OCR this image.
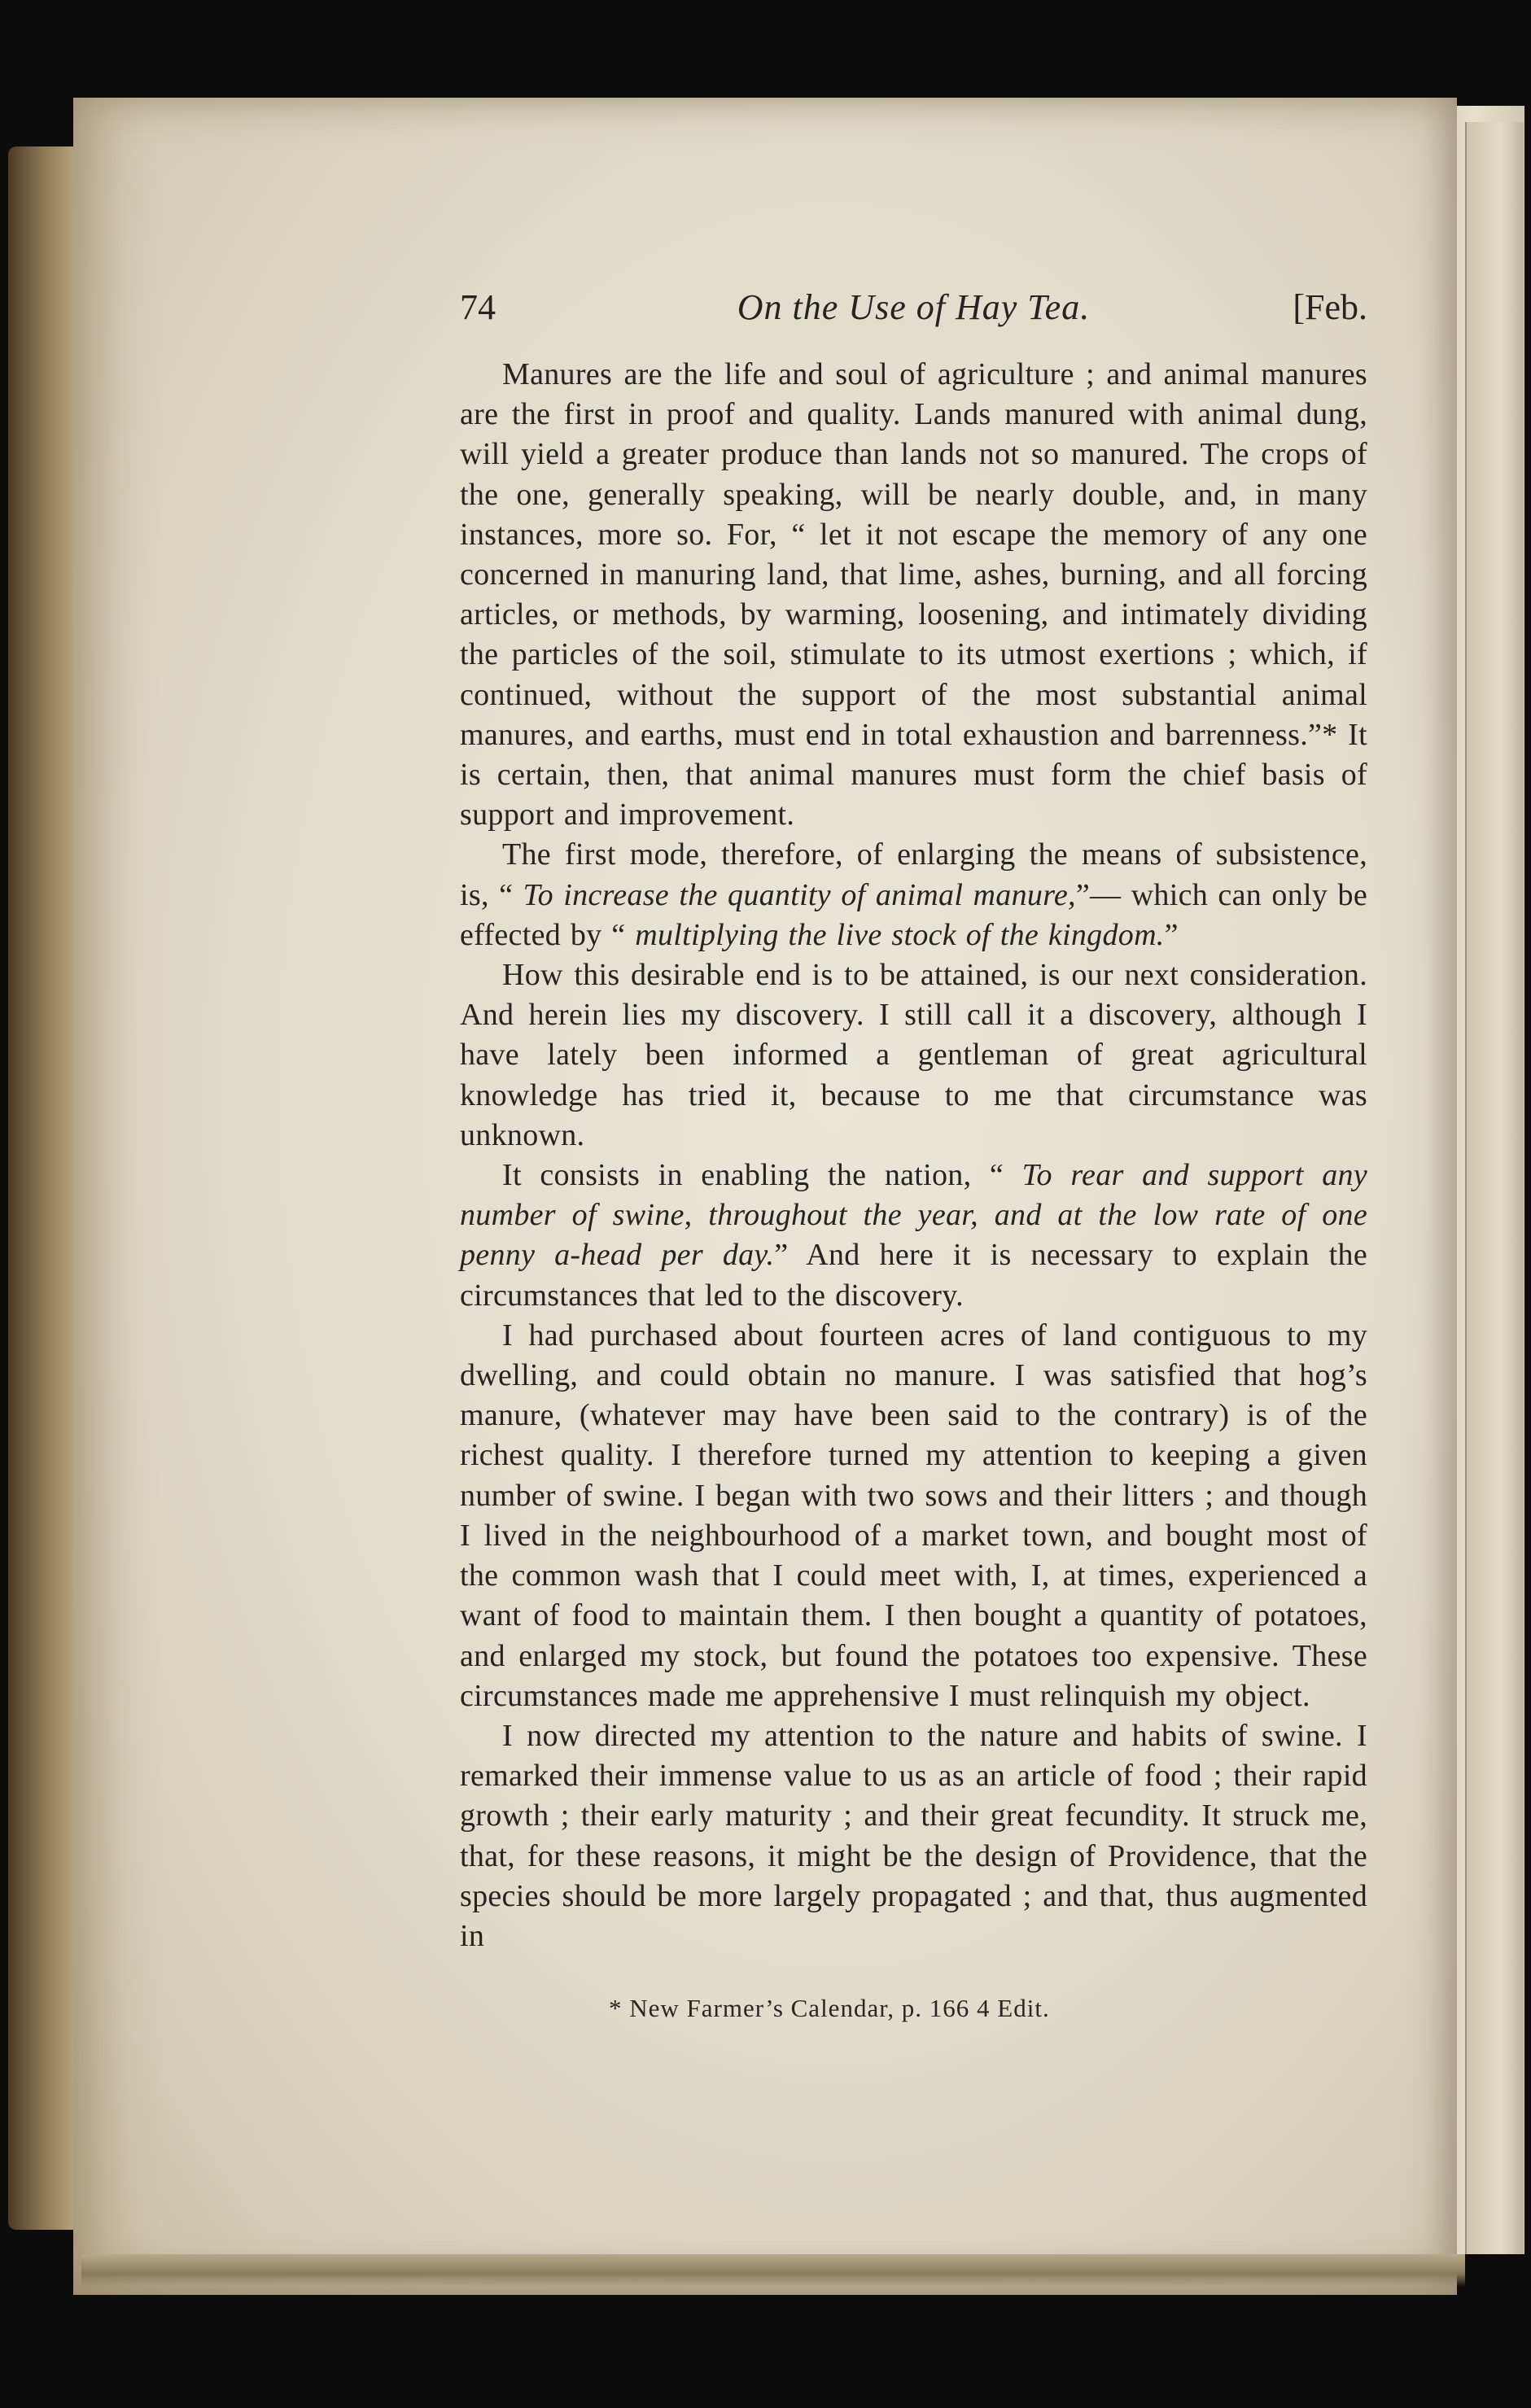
74	On the Use of Hay Tea.	[Feb.

Manures are the life and soul of agriculture ; and animal manures are the first in proof and quality. Lands manured with animal dung, will yield a greater produce than lands not so manured. The crops of the one, generally speaking, will be nearly double, and, in many instances, more so. For, “ let it not escape the memory of any one concerned in manuring land, that lime, ashes, burning, and all forcing articles, or methods, by warming, loosening, and intimately dividing the particles of the soil, stimulate to its utmost exertions ; which, if continued, without the support of the most substantial animal manures, and earths, must end in total exhaustion and barrenness.”* It is certain, then, that animal manures must form the chief basis of support and improvement.

The first mode, therefore, of enlarging the means of subsistence, is, “ To increase the quantity of animal manure,”— which can only be effected by “ multiplying the live stock of the kingdom.”

How this desirable end is to be attained, is our next consideration. And herein lies my discovery. I still call it a discovery, although I have lately been informed a gentleman of great agricultural knowledge has tried it, because to me that circumstance was unknown.

It consists in enabling the nation, “ To rear and support any number of swine, throughout the year, and at the low rate of one penny a-head per day.” And here it is necessary to explain the circumstances that led to the discovery.

I had purchased about fourteen acres of land contiguous to my dwelling, and could obtain no manure. I was satisfied that hog’s manure, (whatever may have been said to the contrary) is of the richest quality. I therefore turned my attention to keeping a given number of swine. I began with two sows and their litters ; and though I lived in the neighbourhood of a market town, and bought most of the common wash that I could meet with, I, at times, experienced a want of food to maintain them. I then bought a quantity of potatoes, and enlarged my stock, but found the potatoes too expensive. These circumstances made me apprehensive I must relinquish my object.

I now directed my attention to the nature and habits of swine. I remarked their immense value to us as an article of food ; their rapid growth ; their early maturity ; and their great fecundity. It struck me, that, for these reasons, it might be the design of Providence, that the species should be more largely propagated ; and that, thus augmented in

* New Farmer’s Calendar, p. 166 4 Edit.
